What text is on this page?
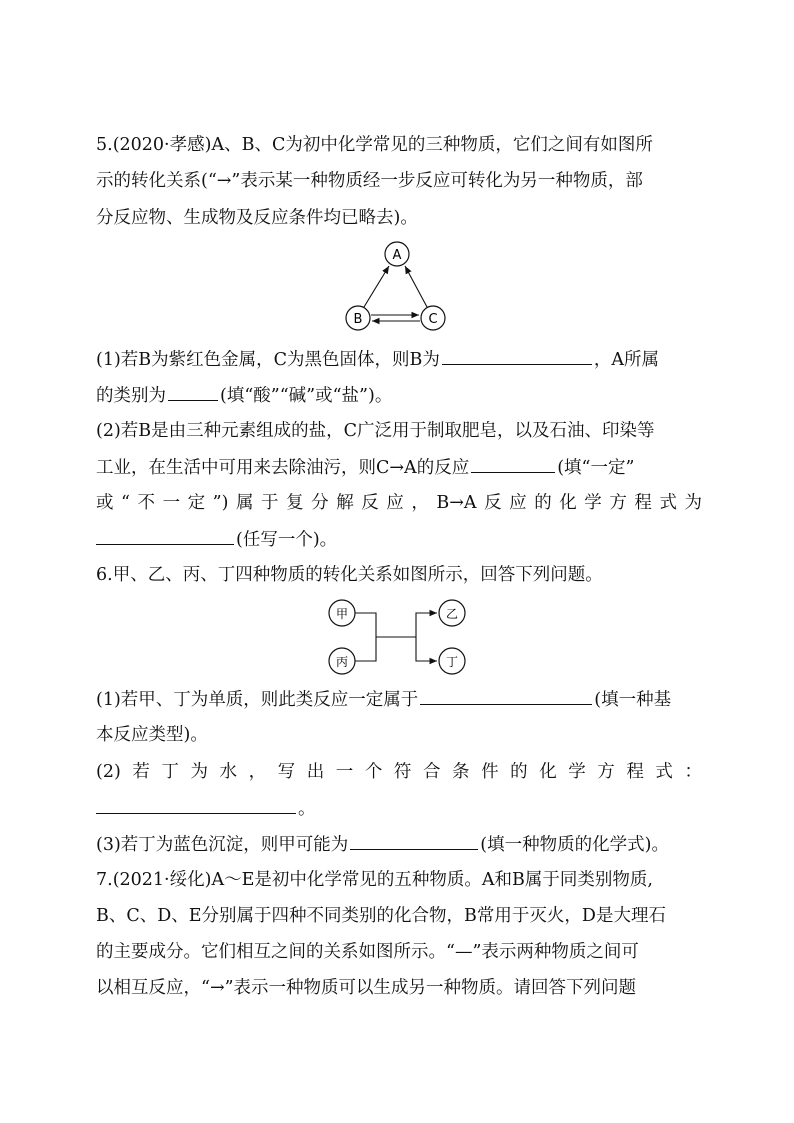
5.(2020·孝感)A、B、C为初中化学常见的三种物质，它们之间有如图所
示的转化关系(“→”表示某一种物质经一步反应可转化为另一种物质，部
分反应物、生成物及反应条件均已略去)。
A
B	C
(1)若B为紫红色金属，C为黑色固体，则B为	，A所属
的类别为	(填“酸”“碱”或“盐”)。
(2)若B是由三种元素组成的盐，C广泛用于制取肥皂，以及石油、印染等
工业，在生活中可用来去除油污，则C→A的反应	(填“一定”
或“不一定”)属于复分解反应，B→A反应的化学方程式为
(任写一个)。
6.甲、乙、丙、丁四种物质的转化关系如图所示，回答下列问题。
甲
丙
乙
丁
(1)若甲、丁为单质，则此类反应一定属于	(填一种基
本反应类型)。
(2)若丁为水，写出一个符合条件的化学方程式：
。
(3)若丁为蓝色沉淀，则甲可能为	(填一种物质的化学式)。
7.(2021·绥化)A～E是初中化学常见的五种物质。A和B属于同类别物质,
B、C、D、E分别属于四种不同类别的化合物，B常用于灭火，D是大理石
的主要成分。它们相互之间的关系如图所示。“—”表示两种物质之间可
以相互反应，“→”表示一种物质可以生成另一种物质。请回答下列问题
